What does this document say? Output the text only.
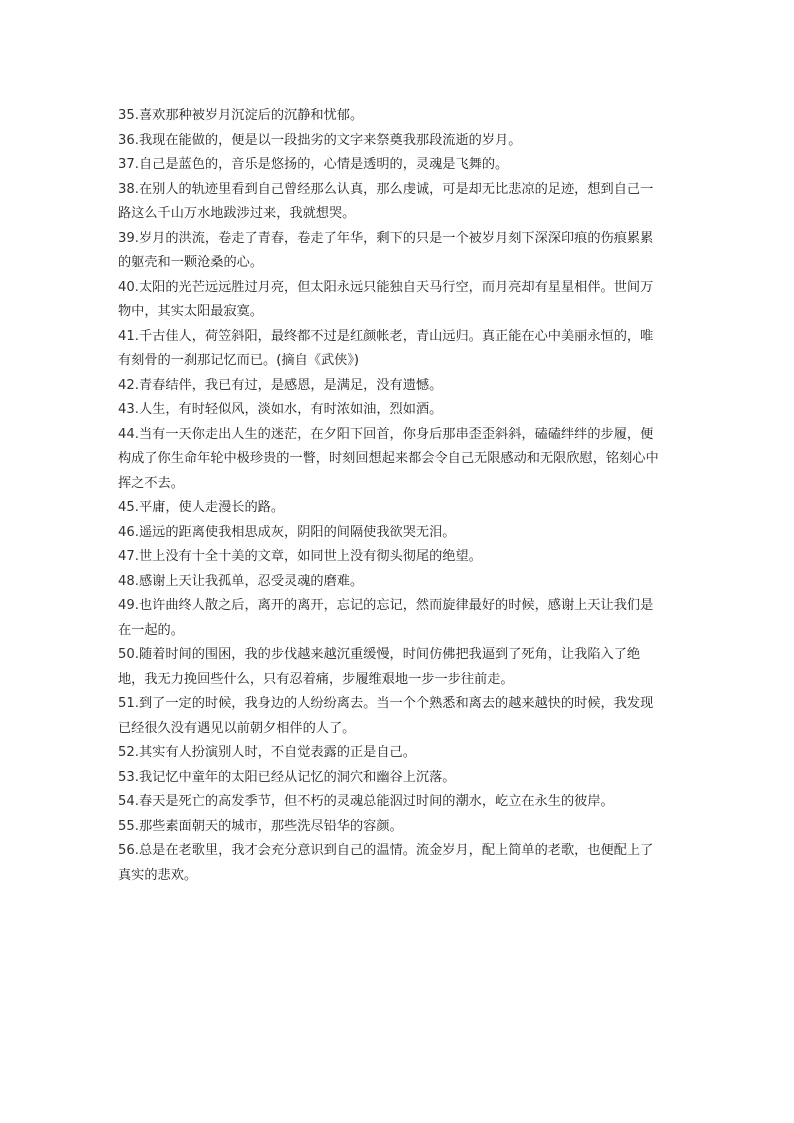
35.喜欢那种被岁月沉淀后的沉静和忧郁。

36.我现在能做的，便是以一段拙劣的文字来祭奠我那段流逝的岁月。

37.自己是蓝色的，音乐是悠扬的，心情是透明的，灵魂是飞舞的。

38.在别人的轨迹里看到自己曾经那么认真，那么虔诚，可是却无比悲凉的足迹，想到自己一路这么千山万水地跋涉过来，我就想哭。

39.岁月的洪流，卷走了青春，卷走了年华，剩下的只是一个被岁月刻下深深印痕的伤痕累累的躯壳和一颗沧桑的心。

40.太阳的光芒远远胜过月亮，但太阳永远只能独自天马行空，而月亮却有星星相伴。世间万物中，其实太阳最寂寞。

41.千古佳人，荷笠斜阳，最终都不过是红颜帐老，青山远归。真正能在心中美丽永恒的，唯有刻骨的一刹那记忆而已。(摘自《武侠》)

42.青春结伴，我已有过，是感恩，是满足，没有遗憾。

43.人生，有时轻似风，淡如水，有时浓如油，烈如酒。

44.当有一天你走出人生的迷茫，在夕阳下回首，你身后那串歪歪斜斜，磕磕绊绊的步履，便构成了你生命年轮中极珍贵的一瞥，时刻回想起来都会令自己无限感动和无限欣慰，铭刻心中挥之不去。

45.平庸，使人走漫长的路。

46.遥远的距离使我相思成灰，阴阳的间隔使我欲哭无泪。

47.世上没有十全十美的文章，如同世上没有彻头彻尾的绝望。

48.感谢上天让我孤单，忍受灵魂的磨难。

49.也许曲终人散之后，离开的离开，忘记的忘记，然而旋律最好的时候，感谢上天让我们是在一起的。

50.随着时间的围困，我的步伐越来越沉重缓慢，时间仿佛把我逼到了死角，让我陷入了绝地，我无力挽回些什么，只有忍着痛，步履维艰地一步一步往前走。

51.到了一定的时候，我身边的人纷纷离去。当一个个熟悉和离去的越来越快的时候，我发现已经很久没有遇见以前朝夕相伴的人了。

52.其实有人扮演别人时，不自觉表露的正是自己。

53.我记忆中童年的太阳已经从记忆的洞穴和幽谷上沉落。

54.春天是死亡的高发季节，但不朽的灵魂总能泅过时间的潮水，屹立在永生的彼岸。

55.那些素面朝天的城市，那些洗尽铅华的容颜。

56.总是在老歌里，我才会充分意识到自己的温情。流金岁月，配上简单的老歌，也便配上了真实的悲欢。
